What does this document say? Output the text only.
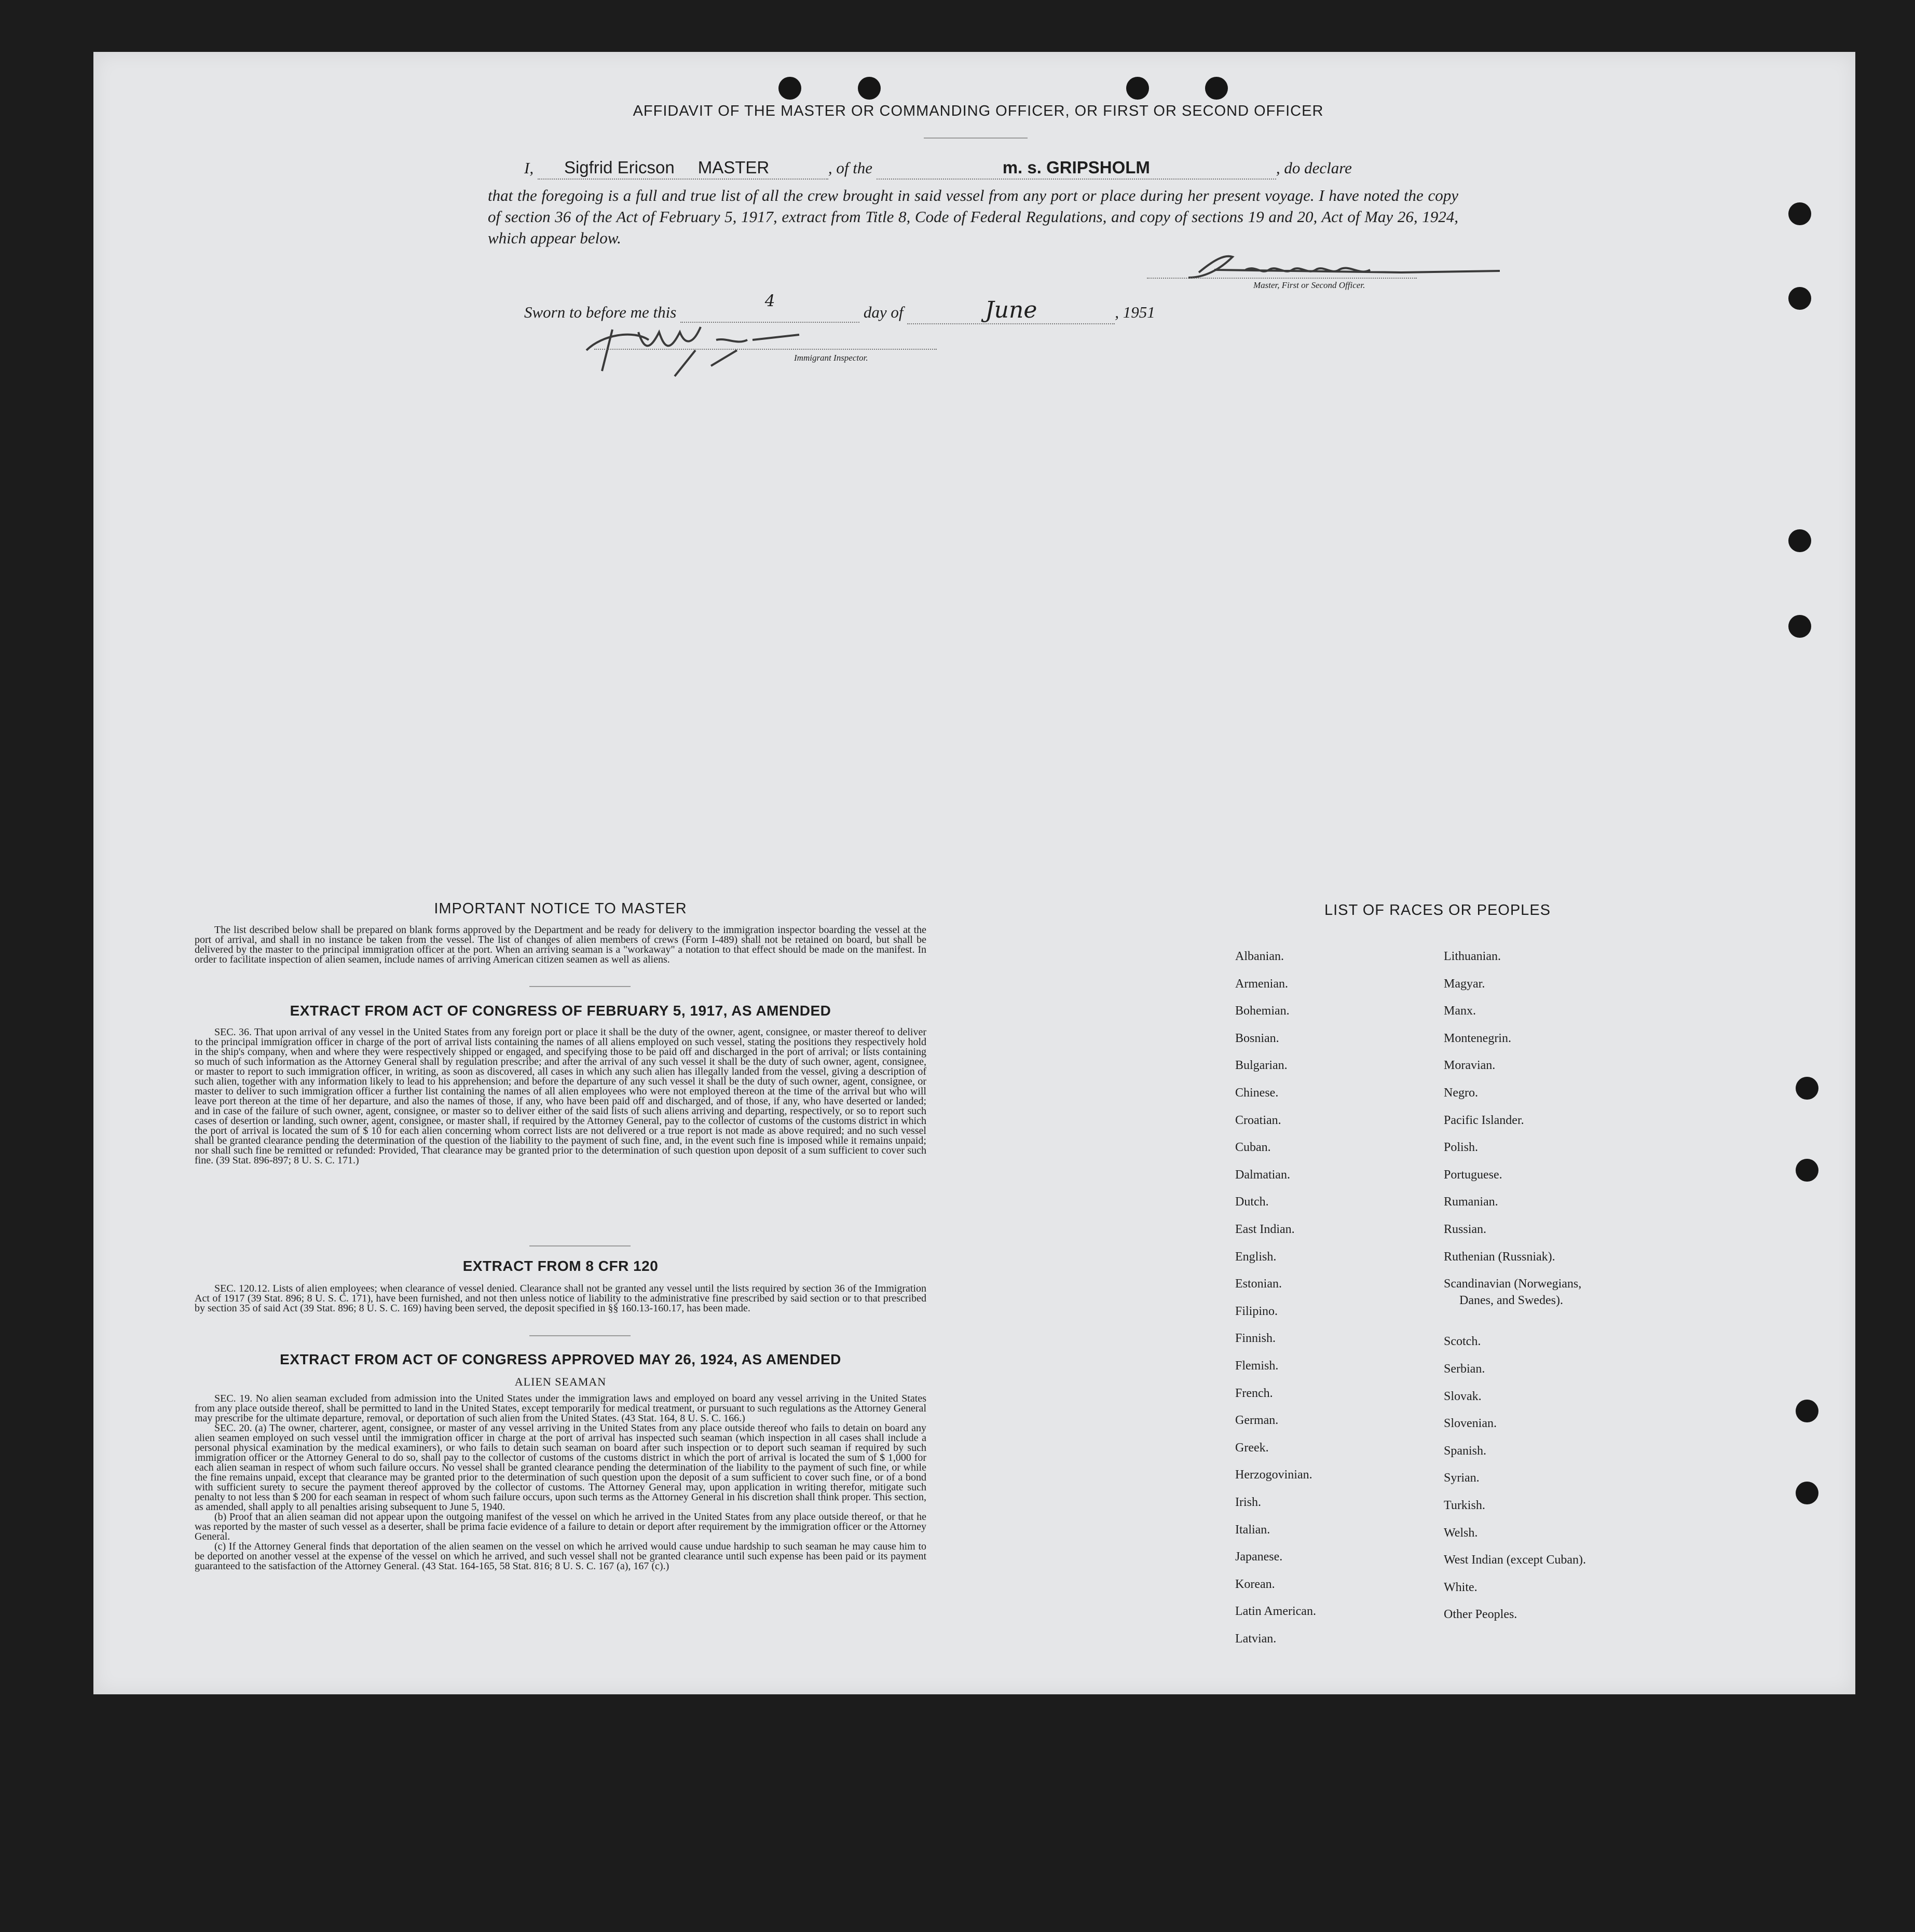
AFFIDAVIT OF THE MASTER OR COMMANDING OFFICER, OR FIRST OR SECOND OFFICER
I, Sigfrid Ericson MASTER	, of the	m. s. GRIPSHOLM	, do declare
that the foregoing is a full and true list of all the crew brought in said vessel from any port or place during her present voyage. I have noted the copy of section 36 of the Act of February 5, 1917, extract from Title 8, Code of Federal Regulations, and copy of sections 19 and 20, Act of May 26, 1924, which appear below.
Master, First or Second Officer.
Sworn to before me this 4 day of	June	, 1951
Immigrant Inspector.
IMPORTANT NOTICE TO MASTER

The list described below shall be prepared on blank forms approved by the Department and be ready for delivery to the immigration inspector boarding the vessel at the port of arrival, and shall in no instance be taken from the vessel. The list of changes of alien members of crews (Form I-489) shall not be retained on board, but shall be delivered by the master to the principal immigration officer at the port. When an arriving seaman is a "workaway" a notation to that effect should be made on the manifest. In order to facilitate inspection of alien seamen, include names of arriving American citizen seamen as well as aliens.

EXTRACT FROM ACT OF CONGRESS OF FEBRUARY 5, 1917, AS AMENDED

SEC. 36. That upon arrival of any vessel in the United States from any foreign port or place it shall be the duty of the owner, agent, consignee, or master thereof to deliver to the principal immigration officer in charge of the port of arrival lists containing the names of all aliens employed on such vessel, stating the positions they respectively hold in the ship's company, when and where they were respectively shipped or engaged, and specifying those to be paid off and discharged in the port of arrival; or lists containing so much of such information as the Attorney General shall by regulation prescribe; and after the arrival of any such vessel it shall be the duty of such owner, agent, consignee, or master to report to such immigration officer, in writing, as soon as discovered, all cases in which any such alien has illegally landed from the vessel, giving a description of such alien, together with any information likely to lead to his apprehension; and before the departure of any such vessel it shall be the duty of such owner, agent, consignee, or master to deliver to such immigration officer a further list containing the names of all alien employees who were not employed thereon at the time of the arrival but who will leave port thereon at the time of her departure, and also the names of those, if any, who have been paid off and discharged, and of those, if any, who have deserted or landed; and in case of the failure of such owner, agent, consignee, or master so to deliver either of the said lists of such aliens arriving and departing, respectively, or so to report such cases of desertion or landing, such owner, agent, consignee, or master shall, if required by the Attorney General, pay to the collector of customs of the customs district in which the port of arrival is located the sum of $ 10 for each alien concerning whom correct lists are not delivered or a true report is not made as above required; and no such vessel shall be granted clearance pending the determination of the question of the liability to the payment of such fine, and, in the event such fine is imposed while it remains unpaid; nor shall such fine be remitted or refunded: Provided, That clearance may be granted prior to the determination of such question upon deposit of a sum sufficient to cover such fine. (39 Stat. 896-897; 8 U. S. C. 171.)

EXTRACT FROM 8 CFR 120

SEC. 120.12. Lists of alien employees; when clearance of vessel denied. Clearance shall not be granted any vessel until the lists required by section 36 of the Immigration Act of 1917 (39 Stat. 896; 8 U. S. C. 171), have been furnished, and not then unless notice of liability to the administrative fine prescribed by said section or to that prescribed by section 35 of said Act (39 Stat. 896; 8 U. S. C. 169) having been served, the deposit specified in §§ 160.13-160.17, has been made.

EXTRACT FROM ACT OF CONGRESS APPROVED MAY 26, 1924, AS AMENDED
ALIEN SEAMAN

SEC. 19. No alien seaman excluded from admission into the United States under the immigration laws and employed on board any vessel arriving in the United States from any place outside thereof, shall be permitted to land in the United States, except temporarily for medical treatment, or pursuant to such regulations as the Attorney General may prescribe for the ultimate departure, removal, or deportation of such alien from the United States. (43 Stat. 164, 8 U. S. C. 166.)

SEC. 20. (a) The owner, charterer, agent, consignee, or master of any vessel arriving in the United States from any place outside thereof who fails to detain on board any alien seamen employed on such vessel until the immigration officer in charge at the port of arrival has inspected such seaman (which inspection in all cases shall include a personal physical examination by the medical examiners), or who fails to detain such seaman on board after such inspection or to deport such seaman if required by such immigration officer or the Attorney General to do so, shall pay to the collector of customs of the customs district in which the port of arrival is located the sum of $ 1,000 for each alien seaman in respect of whom such failure occurs. No vessel shall be granted clearance pending the determination of the liability to the payment of such fine, or while the fine remains unpaid, except that clearance may be granted prior to the determination of such question upon the deposit of a sum sufficient to cover such fine, or of a bond with sufficient surety to secure the payment thereof approved by the collector of customs. The Attorney General may, upon application in writing therefor, mitigate such penalty to not less than $ 200 for each seaman in respect of whom such failure occurs, upon such terms as the Attorney General in his discretion shall think proper. This section, as amended, shall apply to all penalties arising subsequent to June 5, 1940.

(b) Proof that an alien seaman did not appear upon the outgoing manifest of the vessel on which he arrived in the United States from any place outside thereof, or that he was reported by the master of such vessel as a deserter, shall be prima facie evidence of a failure to detain or deport after requirement by the immigration officer or the Attorney General.

(c) If the Attorney General finds that deportation of the alien seamen on the vessel on which he arrived would cause undue hardship to such seaman he may cause him to be deported on another vessel at the expense of the vessel on which he arrived, and such vessel shall not be granted clearance until such expense has been paid or its payment guaranteed to the satisfaction of the Attorney General. (43 Stat. 164-165, 58 Stat. 816; 8 U. S. C. 167 (a), 167 (c).)

LIST OF RACES OR PEOPLES
Albanian.
Armenian.
Bohemian.
Bosnian.
Bulgarian.
Chinese.
Croatian.
Cuban.
Dalmatian.
Dutch.
East Indian.
English.
Estonian.
Filipino.
Finnish.
Flemish.
French.
German.
Greek.
Herzogovinian.
Irish.
Italian.
Japanese.
Korean.
Latin American.
Latvian.
Lithuanian.
Magyar.
Manx.
Montenegrin.
Moravian.
Negro.
Pacific Islander.
Polish.
Portuguese.
Rumanian.
Russian.
Ruthenian (Russniak).
Scandinavian (Norwegians,
Danes, and Swedes).
Scotch.
Serbian.
Slovak.
Slovenian.
Spanish.
Syrian.
Turkish.
Welsh.
West Indian (except Cuban).
White.
Other Peoples.
